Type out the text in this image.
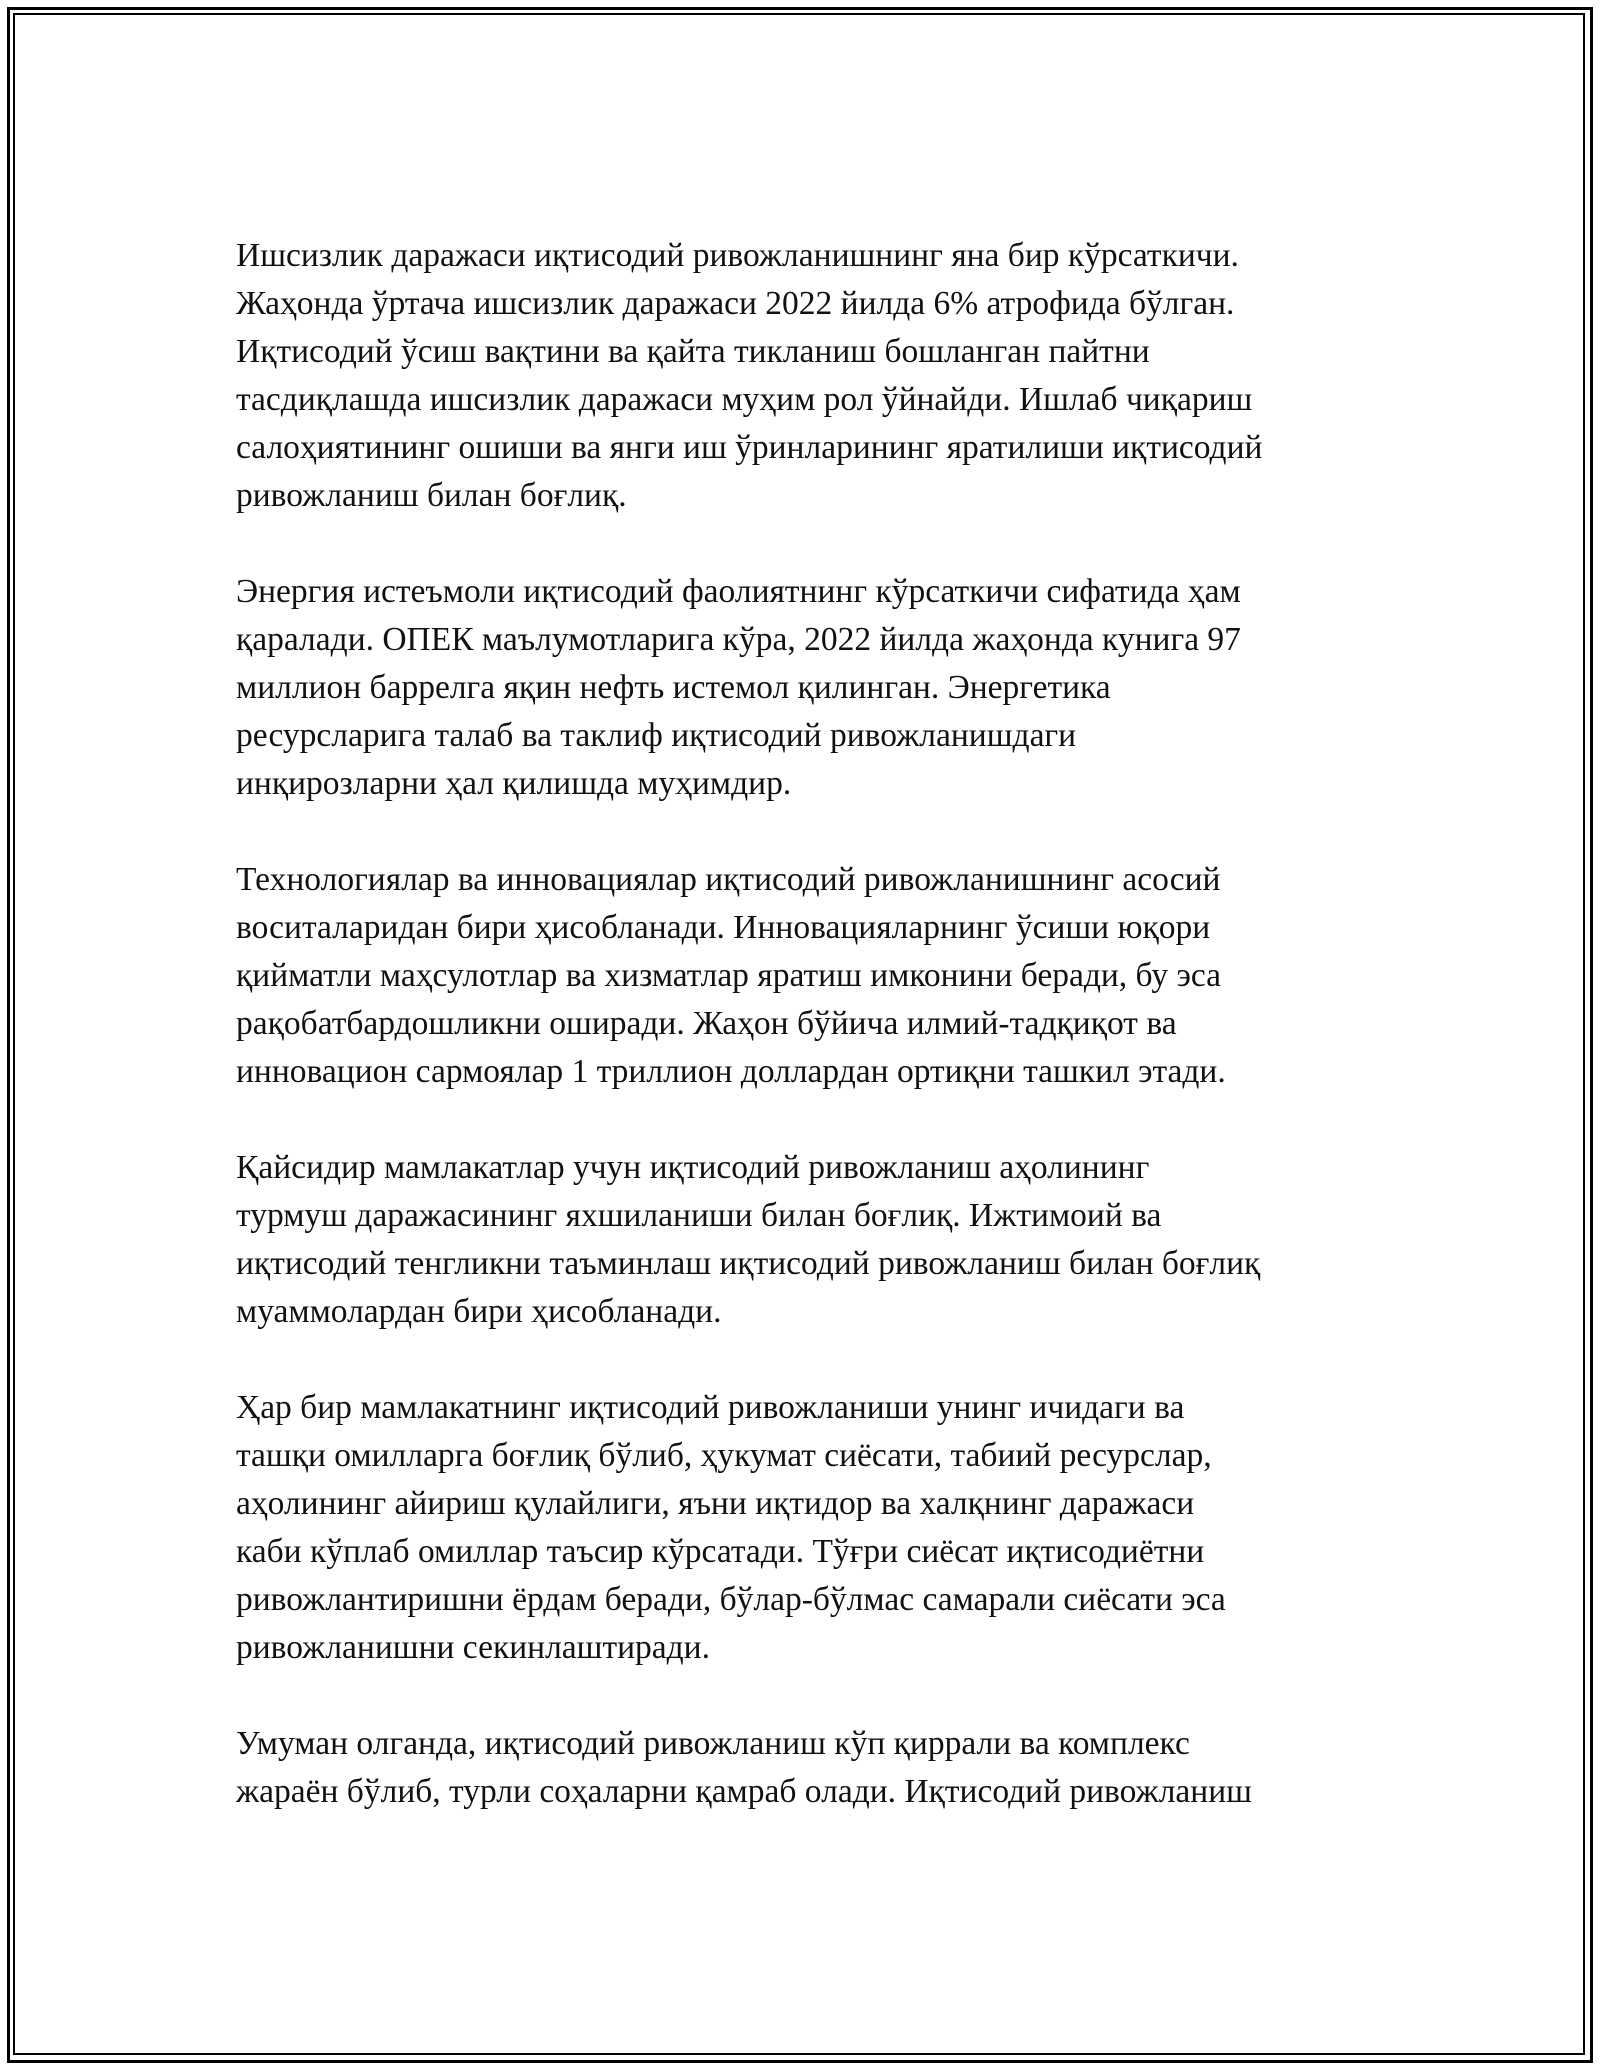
Ишсизлик даражаси иқтисодий ривожланишнинг яна бир кўрсаткичи.
Жаҳонда ўртача ишсизлик даражаси 2022 йилда 6% атрофида бўлган.
Иқтисодий ўсиш вақтини ва қайта тикланиш бошланган пайтни
тасдиқлашда ишсизлик даражаси муҳим рол ўйнайди. Ишлаб чиқариш
салоҳиятининг ошиши ва янги иш ўринларининг яратилиши иқтисодий
ривожланиш билан боғлиқ.

Энергия истеъмоли иқтисодий фаолиятнинг кўрсаткичи сифатида ҳам
қаралади. ОПЕК маълумотларига кўра, 2022 йилда жаҳонда кунига 97
миллион баррелга яқин нефть истемол қилинган. Энергетика
ресурсларига талаб ва таклиф иқтисодий ривожланишдаги
инқирозларни ҳал қилишда муҳимдир.

Технологиялар ва инновациялар иқтисодий ривожланишнинг асосий
воситаларидан бири ҳисобланади. Инновацияларнинг ўсиши юқори
қийматли маҳсулотлар ва хизматлар яратиш имконини беради, бу эса
рақобатбардошликни оширади. Жаҳон бўйича илмий-тадқиқот ва
инновацион сармоялар 1 триллион доллардан ортиқни ташкил этади.

Қайсидир мамлакатлар учун иқтисодий ривожланиш аҳолининг
турмуш даражасининг яхшиланиши билан боғлиқ. Ижтимоий ва
иқтисодий тенгликни таъминлаш иқтисодий ривожланиш билан боғлиқ
муаммолардан бири ҳисобланади.

Ҳар бир мамлакатнинг иқтисодий ривожланиши унинг ичидаги ва
ташқи омилларга боғлиқ бўлиб, ҳукумат сиёсати, табиий ресурслар,
аҳолининг айириш қулайлиги, яъни иқтидор ва халқнинг даражаси
каби кўплаб омиллар таъсир кўрсатади. Тўғри сиёсат иқтисодиётни
ривожлантиришни ёрдам беради, бўлар-бўлмас самарали сиёсати эса
ривожланишни секинлаштиради.

Умуман олганда, иқтисодий ривожланиш кўп қиррали ва комплекс
жараён бўлиб, турли соҳаларни қамраб олади. Иқтисодий ривожланиш
